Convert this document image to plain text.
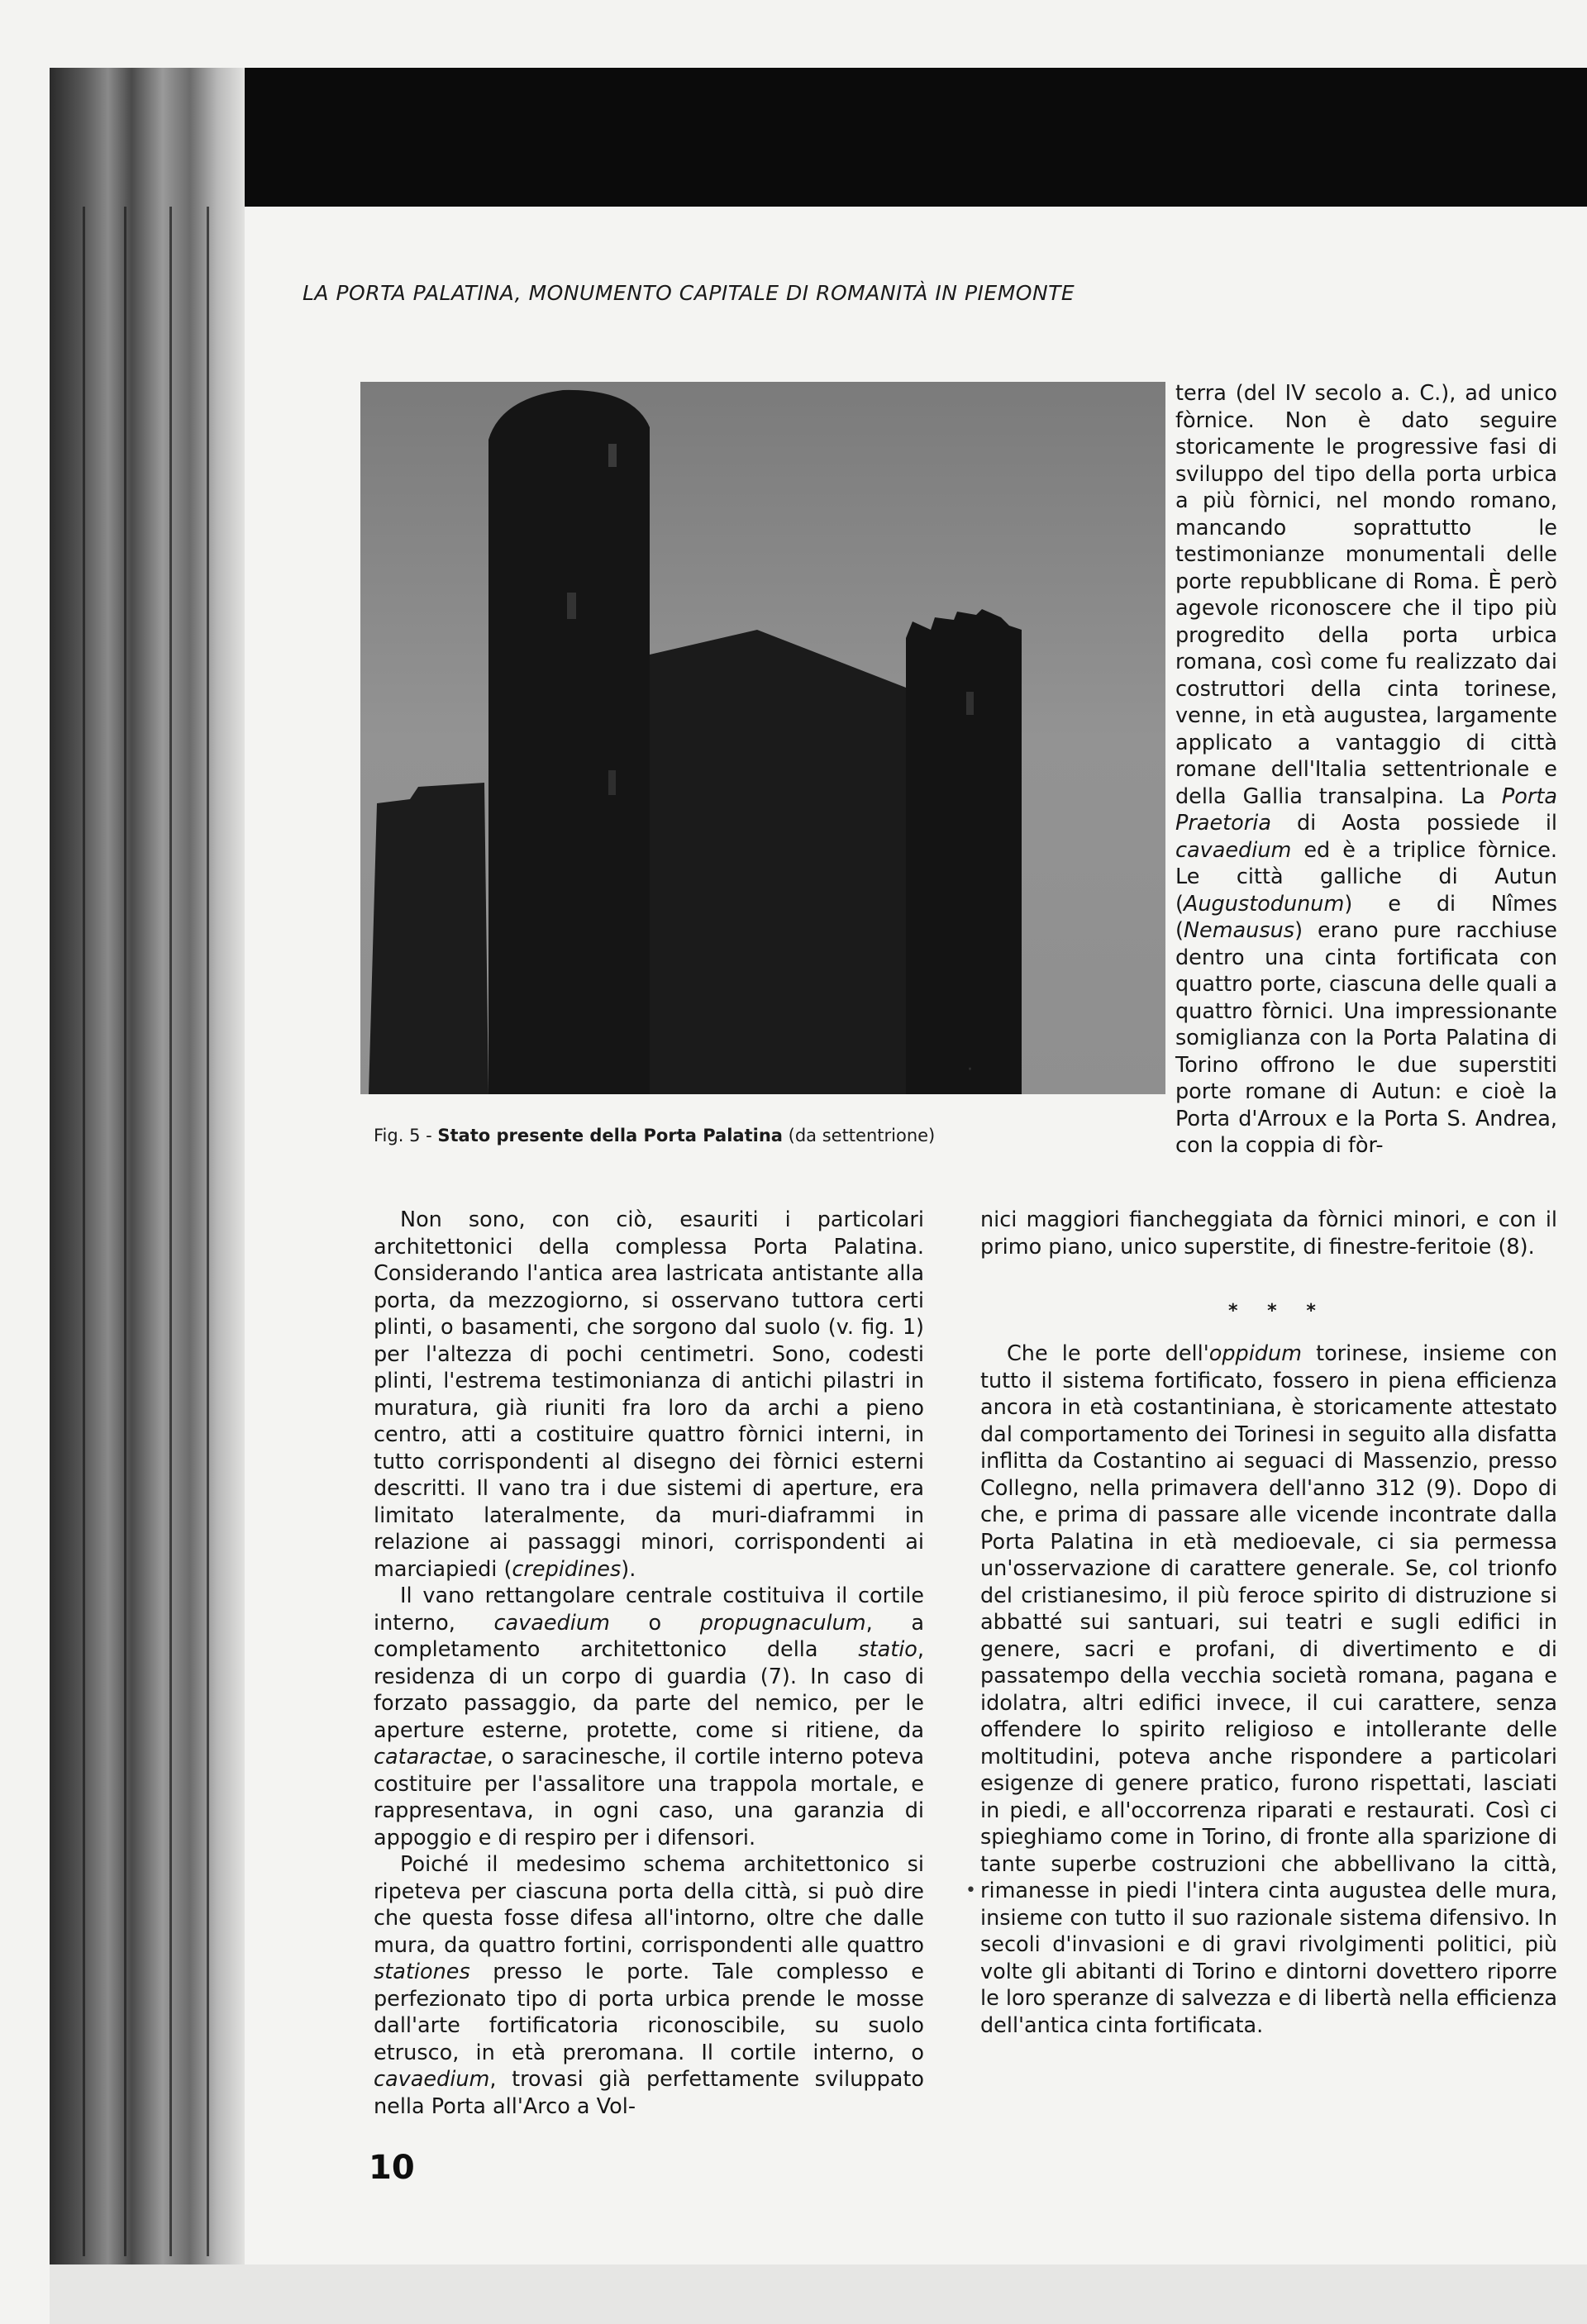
LA PORTA PALATINA, MONUMENTO CAPITALE DI ROMANITÀ IN PIEMONTE
·
Fig. 5 - Stato presente della Porta Palatina (da settentrione)

terra (del IV secolo a. C.), ad unico fòrnice. Non è dato seguire storicamente le progressive fasi di sviluppo del tipo della porta urbica a più fòrnici, nel mondo romano, mancando soprattutto le testimonianze monumentali delle porte repubblicane di Roma. È però agevole riconoscere che il tipo più progredito della porta urbica romana, così come fu realizzato dai costruttori della cinta torinese, venne, in età augustea, largamente applicato a vantaggio di città romane dell'Italia settentrionale e della Gallia transalpina. La Porta Praetoria di Aosta possiede il cavaedium ed è a triplice fòrnice. Le città galliche di Autun (Augustodunum) e di Nîmes (Nemausus) erano pure racchiuse dentro una cinta fortificata con quattro porte, ciascuna delle quali a quattro fòrnici. Una impressionante somiglianza con la Porta Palatina di Torino offrono le due superstiti porte romane di Autun: e cioè la Porta d'Arroux e la Porta S. Andrea, con la coppia di fòr-

nici maggiori fiancheggiata da fòrnici minori, e con il primo piano, unico superstite, di finestre-feritoie (8).

* * *

Che le porte dell'oppidum torinese, insieme con tutto il sistema fortificato, fossero in piena efficienza ancora in età costantiniana, è storicamente attestato dal comportamento dei Torinesi in seguito alla disfatta inflitta da Costantino ai seguaci di Massenzio, presso Collegno, nella primavera dell'anno 312 (9). Dopo di che, e prima di passare alle vicende incontrate dalla Porta Palatina in età medioevale, ci sia permessa un'osservazione di carattere generale. Se, col trionfo del cristianesimo, il più feroce spirito di distruzione si abbatté sui santuari, sui teatri e sugli edifici in genere, sacri e profani, di divertimento e di passatempo della vecchia società romana, pagana e idolatra, altri edifici invece, il cui carattere, senza offendere lo spirito religioso e intollerante delle moltitudini, poteva anche rispondere a particolari esigenze di genere pratico, furono rispettati, lasciati in piedi, e all'occorrenza riparati e restaurati. Così ci spieghiamo come in Torino, di fronte alla sparizione di tante superbe costruzioni che abbellivano la città, rimanesse in piedi l'intera cinta augustea delle mura, insieme con tutto il suo razionale sistema difensivo. In secoli d'invasioni e di gravi rivolgimenti politici, più volte gli abitanti di Torino e dintorni dovettero riporre le loro speranze di salvezza e di libertà nella efficienza dell'antica cinta fortificata.

•

Non sono, con ciò, esauriti i particolari architettonici della complessa Porta Palatina. Considerando l'antica area lastricata antistante alla porta, da mezzogiorno, si osservano tuttora certi plinti, o basamenti, che sorgono dal suolo (v. fig. 1) per l'altezza di pochi centimetri. Sono, codesti plinti, l'estrema testimonianza di antichi pilastri in muratura, già riuniti fra loro da archi a pieno centro, atti a costituire quattro fòrnici interni, in tutto corrispondenti al disegno dei fòrnici esterni descritti. Il vano tra i due sistemi di aperture, era limitato lateralmente, da muri-diaframmi in relazione ai passaggi minori, corrispondenti ai marciapiedi (crepidines).

Il vano rettangolare centrale costituiva il cortile interno, cavaedium o propugnaculum, a completamento architettonico della statio, residenza di un corpo di guardia (7). In caso di forzato passaggio, da parte del nemico, per le aperture esterne, protette, come si ritiene, da cataractae, o saracinesche, il cortile interno poteva costituire per l'assalitore una trappola mortale, e rappresentava, in ogni caso, una garanzia di appoggio e di respiro per i difensori.

Poiché il medesimo schema architettonico si ripeteva per ciascuna porta della città, si può dire che questa fosse difesa all'intorno, oltre che dalle mura, da quattro fortini, corrispondenti alle quattro stationes presso le porte. Tale complesso e perfezionato tipo di porta urbica prende le mosse dall'arte fortificatoria riconoscibile, su suolo etrusco, in età preromana. Il cortile interno, o cavaedium, trovasi già perfettamente sviluppato nella Porta all'Arco a Vol-

10
